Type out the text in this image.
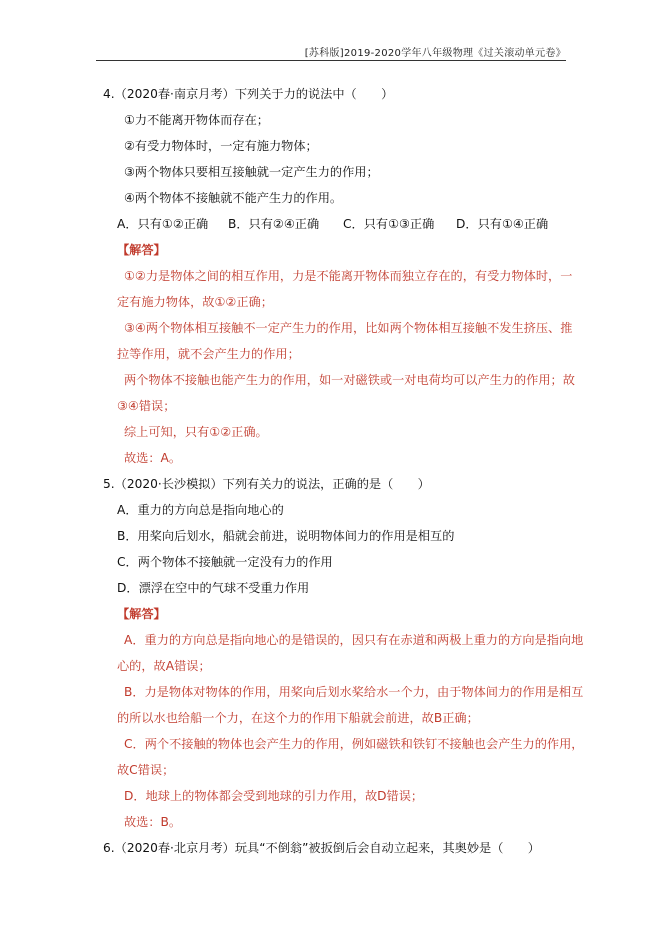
[苏科版]2019-2020学年八年级物理《过关滚动单元卷》
4.（2020春·南京月考）下列关于力的说法中（　　）
①力不能离开物体而存在；
②有受力物体时，一定有施力物体；
③两个物体只要相互接触就一定产生力的作用；
④两个物体不接触就不能产生力的作用。
A．只有①②正确 B．只有②④正确 C．只有①③正确 D．只有①④正确
【解答】
①②力是物体之间的相互作用，力是不能离开物体而独立存在的，有受力物体时，一
定有施力物体，故①②正确；
③④两个物体相互接触不一定产生力的作用，比如两个物体相互接触不发生挤压、推
拉等作用，就不会产生力的作用；
两个物体不接触也能产生力的作用，如一对磁铁或一对电荷均可以产生力的作用；故
③④错误；
综上可知，只有①②正确。
故选：A。
5.（2020·长沙模拟）下列有关力的说法，正确的是（　　）
A．重力的方向总是指向地心的
B．用桨向后划水，船就会前进，说明物体间力的作用是相互的
C．两个物体不接触就一定没有力的作用
D．漂浮在空中的气球不受重力作用
【解答】
A．重力的方向总是指向地心的是错误的，因只有在赤道和两极上重力的方向是指向地
心的，故A错误；
B．力是物体对物体的作用，用桨向后划水桨给水一个力，由于物体间力的作用是相互
的所以水也给船一个力，在这个力的作用下船就会前进，故B正确；
C．两个不接触的物体也会产生力的作用，例如磁铁和铁钉不接触也会产生力的作用，
故C错误；
D．地球上的物体都会受到地球的引力作用，故D错误；
故选：B。
6.（2020春·北京月考）玩具“不倒翁”被扳倒后会自动立起来，其奥妙是（　　）
